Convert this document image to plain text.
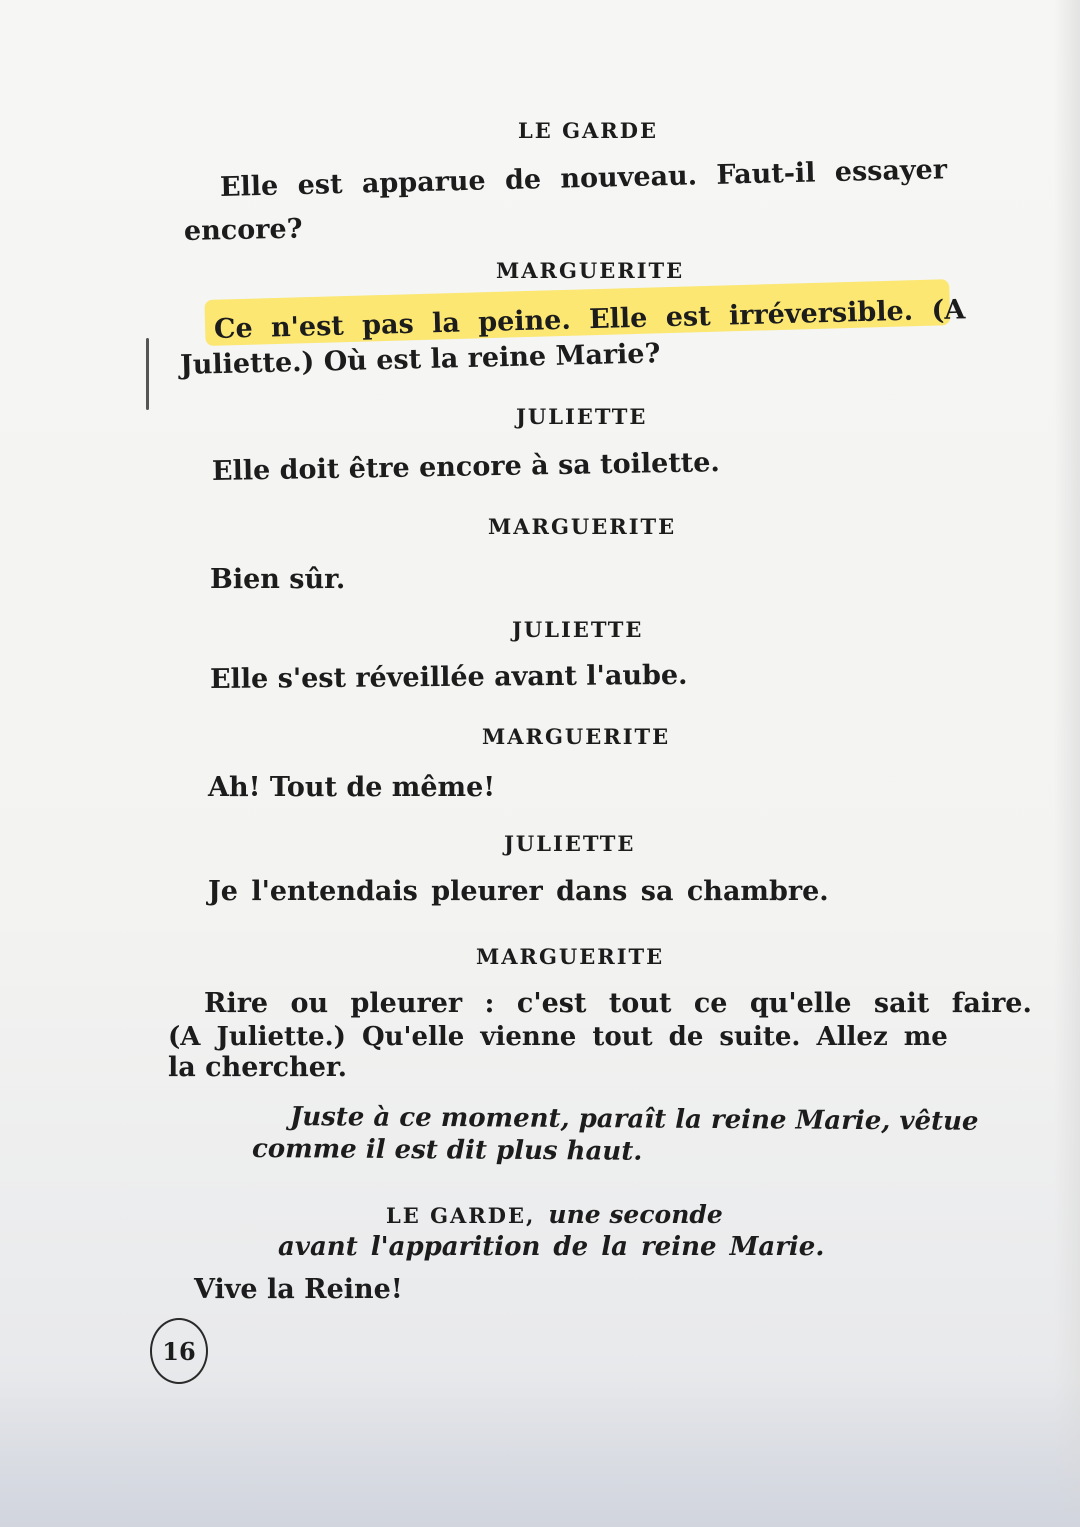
LE GARDE
Elle est apparue de nouveau. Faut-il essayer
encore?
MARGUERITE
Ce n'est pas la peine. Elle est irréversible. (A
Juliette.) Où est la reine Marie?
JULIETTE
Elle doit être encore à sa toilette.
MARGUERITE
Bien sûr.
JULIETTE
Elle s'est réveillée avant l'aube.
MARGUERITE
Ah! Tout de même!
JULIETTE
Je l'entendais pleurer dans sa chambre.
MARGUERITE
Rire ou pleurer : c'est tout ce qu'elle sait faire.
(A Juliette.) Qu'elle vienne tout de suite. Allez me
la chercher.
Juste à ce moment, paraît la reine Marie, vêtue
comme il est dit plus haut.
LE GARDE, une seconde
avant l'apparition de la reine Marie.
Vive la Reine!
16
